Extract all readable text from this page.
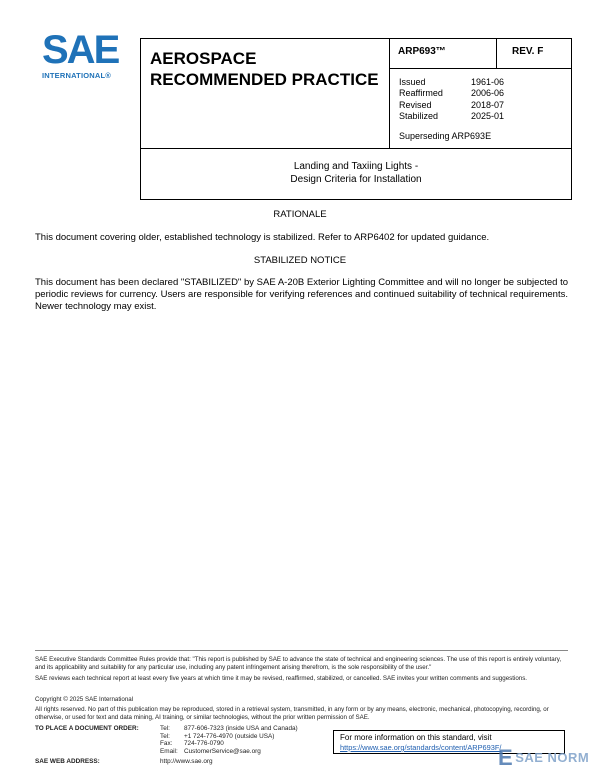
SAE
INTERNATIONAL®
AEROSPACE
RECOMMENDED PRACTICE
ARP693™	REV. F
Issued	1961-06
Reaffirmed	2006-06
Revised	2018-07
Stabilized	2025-01
Superseding ARP693E
Landing and Taxiing Lights -
Design Criteria for Installation
RATIONALE
This document covering older, established technology is stabilized. Refer to ARP6402 for updated guidance.
STABILIZED NOTICE
This document has been declared "STABILIZED" by SAE A-20B Exterior Lighting Committee and will no longer be subjected to periodic reviews for currency. Users are responsible for verifying references and continued suitability of technical requirements. Newer technology may exist.
SAE Executive Standards Committee Rules provide that: "This report is published by SAE to advance the state of technical and engineering sciences. The use of this report is entirely voluntary, and its applicability and suitability for any particular use, including any patent infringement arising therefrom, is the sole responsibility of the user."
SAE reviews each technical report at least every five years at which time it may be revised, reaffirmed, stabilized, or cancelled. SAE invites your written comments and suggestions.
Copyright © 2025 SAE International
All rights reserved. No part of this publication may be reproduced, stored in a retrieval system, transmitted, in any form or by any means, electronic, mechanical, photocopying, recording, or otherwise, or used for text and data mining, AI training, or similar technologies, without the prior written permission of SAE.
TO PLACE A DOCUMENT ORDER:	Tel:	877-606-7323 (inside USA and Canada)
Tel:	+1 724-776-4970 (outside USA)
Fax:	724-776-0790
Email: CustomerService@sae.org
SAE WEB ADDRESS:	http://www.sae.org
For more information on this standard, visit
https://www.sae.org/standards/content/ARP693F/
ESAE NORM
